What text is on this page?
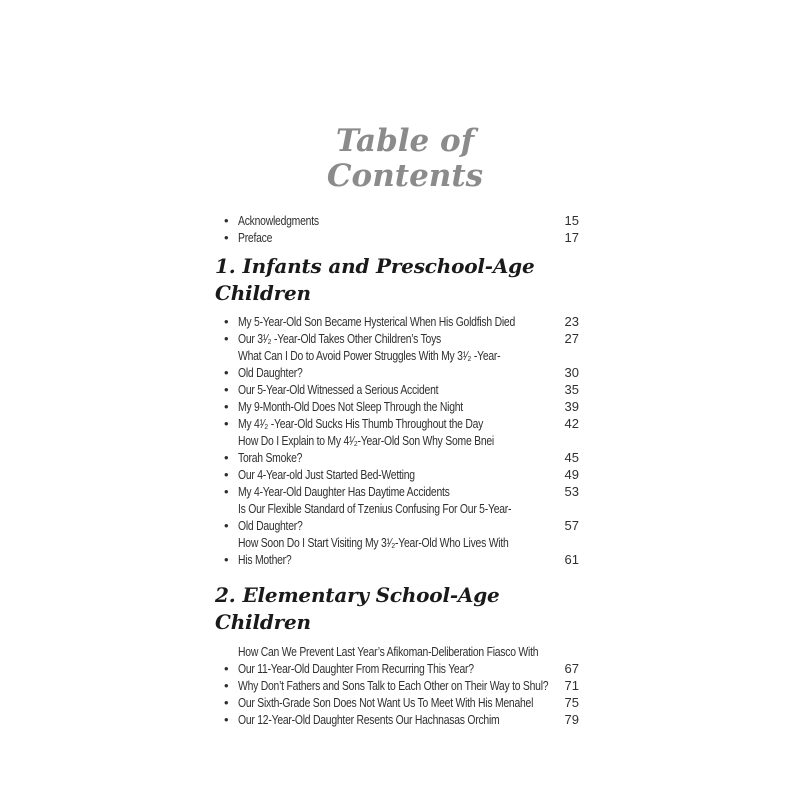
Table of
Contents
• Acknowledgments	15
• Preface	17
1. Infants and Preschool-Age Children
• My 5-Year-Old Son Became Hysterical When His Goldfish Died	23
• Our 3¹⁄₂ -Year-Old Takes Other Children’s Toys	27
•
What Can I Do to Avoid Power Struggles With My 3¹⁄₂ -Year-
Old Daughter?	30
• Our 5-Year-Old Witnessed a Serious Accident	35
• My 9-Month-Old Does Not Sleep Through the Night	39
• My 4¹⁄₂ -Year-Old Sucks His Thumb Throughout the Day	42
•
How Do I Explain to My 4¹⁄₂-Year-Old Son Why Some Bnei
Torah Smoke?	45
• Our 4-Year-old Just Started Bed-Wetting	49
• My 4-Year-Old Daughter Has Daytime Accidents	53
•
Is Our Flexible Standard of Tzenius Confusing For Our 5-Year-
Old Daughter?	57
•
How Soon Do I Start Visiting My 3¹⁄₂-Year-Old Who Lives With
His Mother?	61
2. Elementary School-Age Children
•
How Can We Prevent Last Year’s Afikoman-Deliberation Fiasco With
Our 11-Year-Old Daughter From Recurring This Year?	67
• Why Don’t Fathers and Sons Talk to Each Other on Their Way to Shul?	71
• Our Sixth-Grade Son Does Not Want Us To Meet With His Menahel	75
• Our 12-Year-Old Daughter Resents Our Hachnasas Orchim	79
